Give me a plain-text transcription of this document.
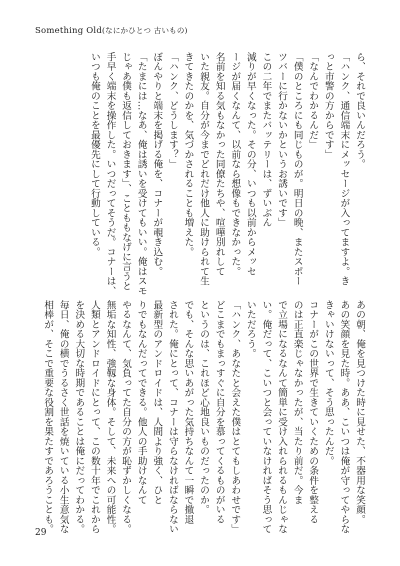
Something Old(なにかひとつ 古いもの)

ら、それで良いんだろう。

「ハンク、通信端末にメッセージが入ってますよ。き

っと市警の方からです」

「なんでわかるんだ」

「僕のところにも同じものが。明日の晩、またスポー

ツバーに行かないかというお誘いです」

この二年でまたバッテリーは、ずいぶん

減りが早くなった。その分、いつも以前からメッセ

ージが届くなんて、以前なら想像もできなかった。

名前を知る気もなかった同僚たちや、喧嘩別れして

いた親友。自分が今までどれだけ他人に助けられて生

きてきたのかを、気づかされることも増えた。

「ハンク、どうします？」

ぼんやりと端末を掲げる俺を、コナーが覗き込む。

「たまには…なあ、俺は誘いを受けてもいい。俺はスモ

じゃあ僕も返信しておきます」、ことももなげに言うと

手早く端末を操作した。いつだってそうだ。コナーは、

いつも俺のことを最優先にして行動している。

あの朝、俺を見つけた時に見せた、不器用な笑顔。

あの笑顔を見た時。ああ、こいつは俺が守ってやらな

きゃいけないって、そう思ったんだ。

コナーがこの世界で生きていくための条件を整える

のは正直楽じゃなかったが、当たり前だ。今ま

で立場になるなんて簡単に受け入れられるもんじゃな

い。俺だって、こいつと会っていなければそう思って

いただろう。

「ハンク、あなたと会えた僕はとてもしあわせです」

どこまでもまっすぐに自分を慕ってくるものがいる

というのは、これほど心地良いものだったのか。

でも、そんな思いあがった気持ちなんて一瞬で撤退

された。俺にとって、コナーは守らなければならない

最新型のアンドロイドは、人間より強く、ひと

りでもなんだってできる。他人の手助けなんて

やるなんて、気負ってた自分の方が恥ずかしくなる。

無垢な知性、強靱な身体。そして、未来への可能性。

人類とアンドロイドにとって、この数十年でこれから

を決める大切な時期であることは俺にだってわかる。

毎日、俺の横でうるさく世話を焼いている小生意気な

相棒が、そこで重要な役割を果たすであろうことも。

29
